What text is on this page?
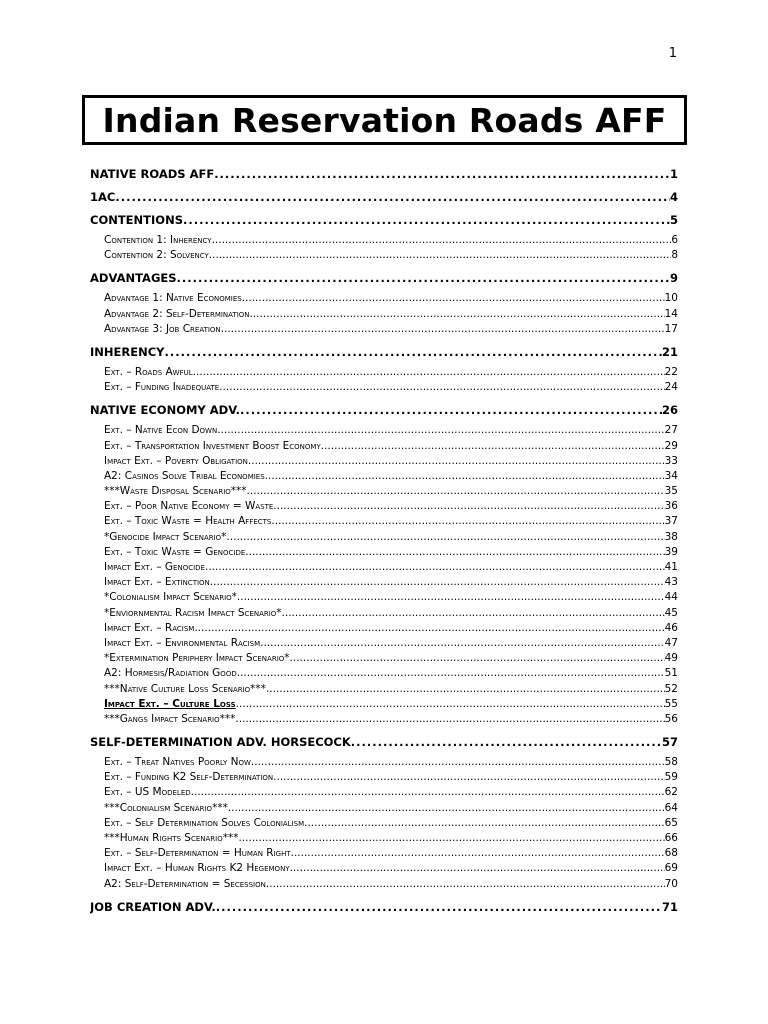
1
Indian Reservation Roads AFF
NATIVE ROADS AFF .....	1
1AC .....	4
CONTENTIONS .....	5
Contention 1: Inherency .....	6
Contention 2: Solvency .....	8
ADVANTAGES .....	9
Advantage 1: Native Economies .....	10
Advantage 2: Self-Determination .....	14
Advantage 3: Job Creation .....	17
INHERENCY .....	21
Ext. – Roads Awful .....	22
Ext. – Funding Inadequate .....	24
NATIVE ECONOMY ADV. .....	26
Ext. – Native Econ Down .....	27
Ext. – Transportation Investment Boost Economy .....	29
Impact Ext. – Poverty Obligation .....	33
A2: Casinos Solve Tribal Economies .....	34
***Waste Disposal Scenario*** .....	35
Ext. – Poor Native Economy = Waste .....	36
Ext. – Toxic Waste = Health Affects .....	37
*Genocide Impact Scenario* .....	38
Ext. – Toxic Waste = Genocide .....	39
Impact Ext. – Genocide .....	41
Impact Ext. – Extinction .....	43
*Colonialism Impact Scenario* .....	44
*Enviornmental Racism Impact Scenario* .....	45
Impact Ext. – Racism .....	46
Impact Ext. – Environmental Racism .....	47
*Extermination Periphery Impact Scenario* .....	49
A2: Hormesis/Radiation Good .....	51
***Native Culture Loss Scenario*** .....	52
Impact Ext. – Culture Loss .....	55
***Gangs Impact Scenario*** .....	56
SELF-DETERMINATION ADV. HORSECOCK .....	57
Ext. – Treat Natives Poorly Now .....	58
Ext. – Funding K2 Self-Determination .....	59
Ext. – US Modeled .....	62
***Colonialism Scenario*** .....	64
Ext. – Self Determination Solves Colonialism .....	65
***Human Rights Scenario*** .....	66
Ext. – Self-Determination = Human Right .....	68
Impact Ext. – Human Rights K2 Hegemony .....	69
A2: Self-Determination = Secession .....	70
JOB CREATION ADV. .....	71
